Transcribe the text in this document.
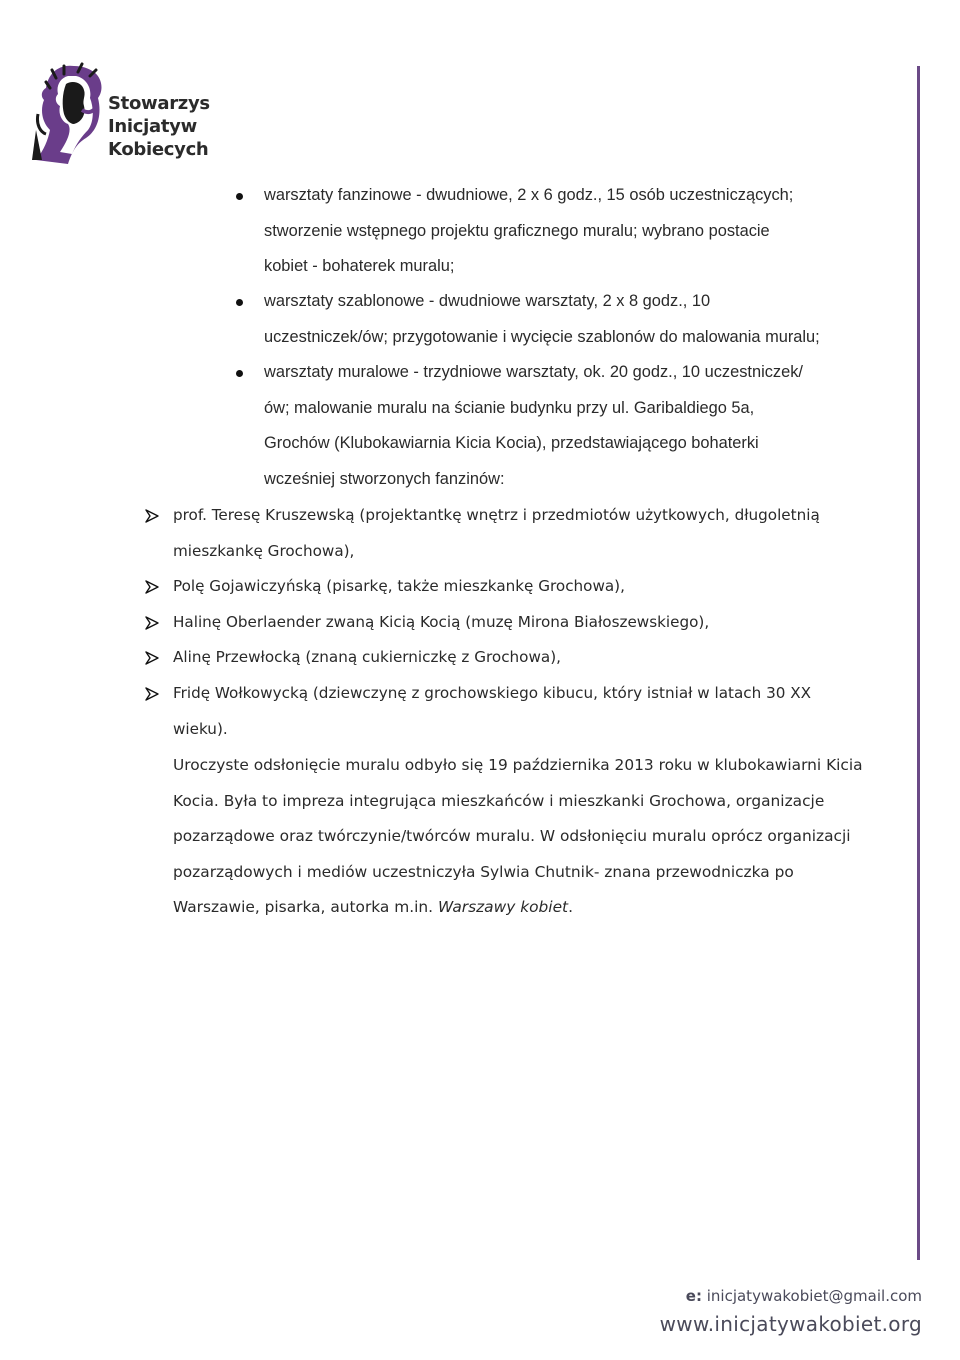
Stowarzys
Inicjatyw
Kobiecych
warsztaty fanzinowe - dwudniowe, 2 x 6 godz., 15 osób uczestniczących;
stworzenie wstępnego projektu graficznego muralu; wybrano postacie
kobiet - bohaterek muralu;
warsztaty szablonowe - dwudniowe warsztaty, 2 x 8 godz., 10
uczestniczek/ów; przygotowanie i wycięcie szablonów do malowania muralu;
warsztaty muralowe - trzydniowe warsztaty, ok. 20 godz., 10 uczestniczek/
ów; malowanie muralu na ścianie budynku przy ul. Garibaldiego 5a,
Grochów (Klubokawiarnia Kicia Kocia), przedstawiającego bohaterki
wcześniej stworzonych fanzinów:
prof. Teresę Kruszewską (projektantkę wnętrz i przedmiotów użytkowych, długoletnią
mieszkankę Grochowa),
Polę Gojawiczyńską (pisarkę, także mieszkankę Grochowa),
Halinę Oberlaender zwaną Kicią Kocią (muzę Mirona Białoszewskiego),
Alinę Przewłocką (znaną cukierniczkę z Grochowa),
Fridę Wołkowycką (dziewczynę z grochowskiego kibucu, który istniał w latach 30 XX
wieku).
Uroczyste odsłonięcie muralu odbyło się 19 października 2013 roku w klubokawiarni Kicia
Kocia. Była to impreza integrująca mieszkańców i mieszkanki Grochowa, organizacje
pozarządowe oraz twórczynie/twórców muralu. W odsłonięciu muralu oprócz organizacji
pozarządowych i mediów uczestniczyła Sylwia Chutnik- znana przewodniczka po
Warszawie, pisarka, autorka m.in. Warszawy kobiet.
e: inicjatywakobiet@gmail.com
www.inicjatywakobiet.org
